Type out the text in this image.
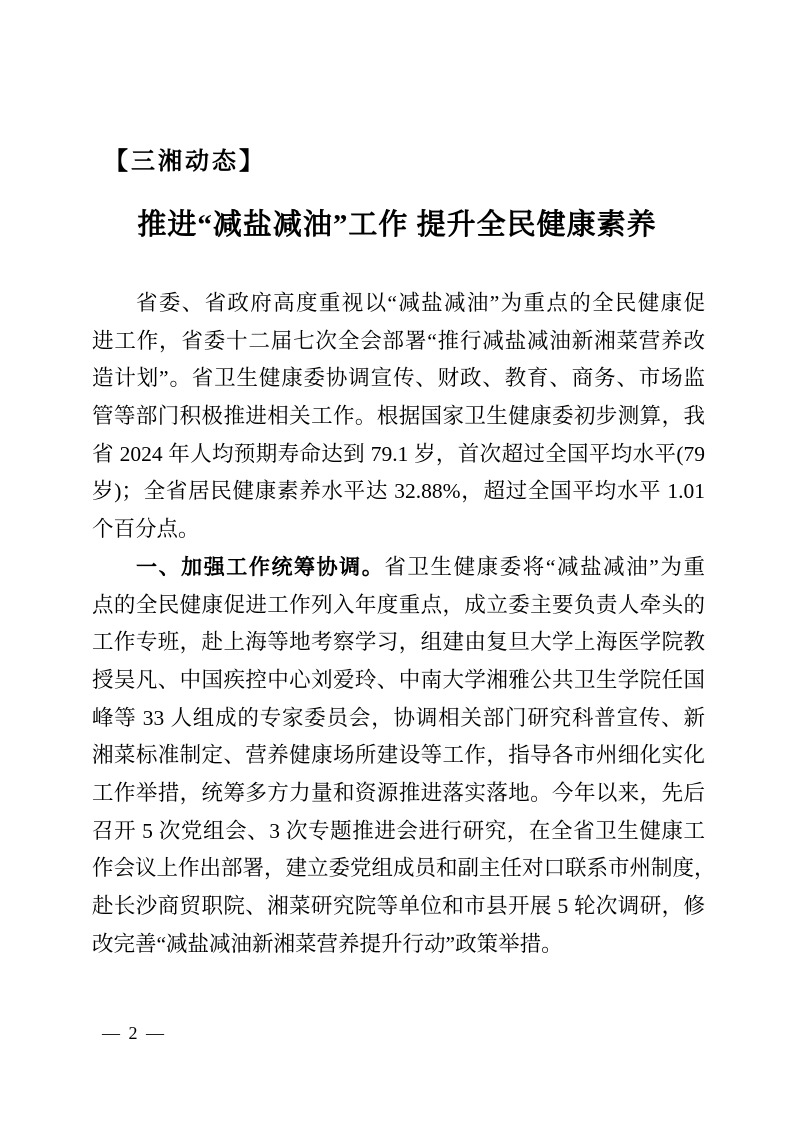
【三湘动态】
推进“减盐减油”工作 提升全民健康素养
省委、省政府高度重视以“减盐减油”为重点的全民健康促
进工作，省委十二届七次全会部署“推行减盐减油新湘菜营养改
造计划”。省卫生健康委协调宣传、财政、教育、商务、市场监
管等部门积极推进相关工作。根据国家卫生健康委初步测算，我
省 2024 年人均预期寿命达到 79.1 岁，首次超过全国平均水平(79
岁)；全省居民健康素养水平达 32.88%，超过全国平均水平 1.01
个百分点。
一、加强工作统筹协调。省卫生健康委将“减盐减油”为重
点的全民健康促进工作列入年度重点，成立委主要负责人牵头的
工作专班，赴上海等地考察学习，组建由复旦大学上海医学院教
授吴凡、中国疾控中心刘爱玲、中南大学湘雅公共卫生学院任国
峰等 33 人组成的专家委员会，协调相关部门研究科普宣传、新
湘菜标准制定、营养健康场所建设等工作，指导各市州细化实化
工作举措，统筹多方力量和资源推进落实落地。今年以来，先后
召开 5 次党组会、3 次专题推进会进行研究，在全省卫生健康工
作会议上作出部署，建立委党组成员和副主任对口联系市州制度，
赴长沙商贸职院、湘菜研究院等单位和市县开展 5 轮次调研，修
改完善“减盐减油新湘菜营养提升行动”政策举措。
— 2 —
